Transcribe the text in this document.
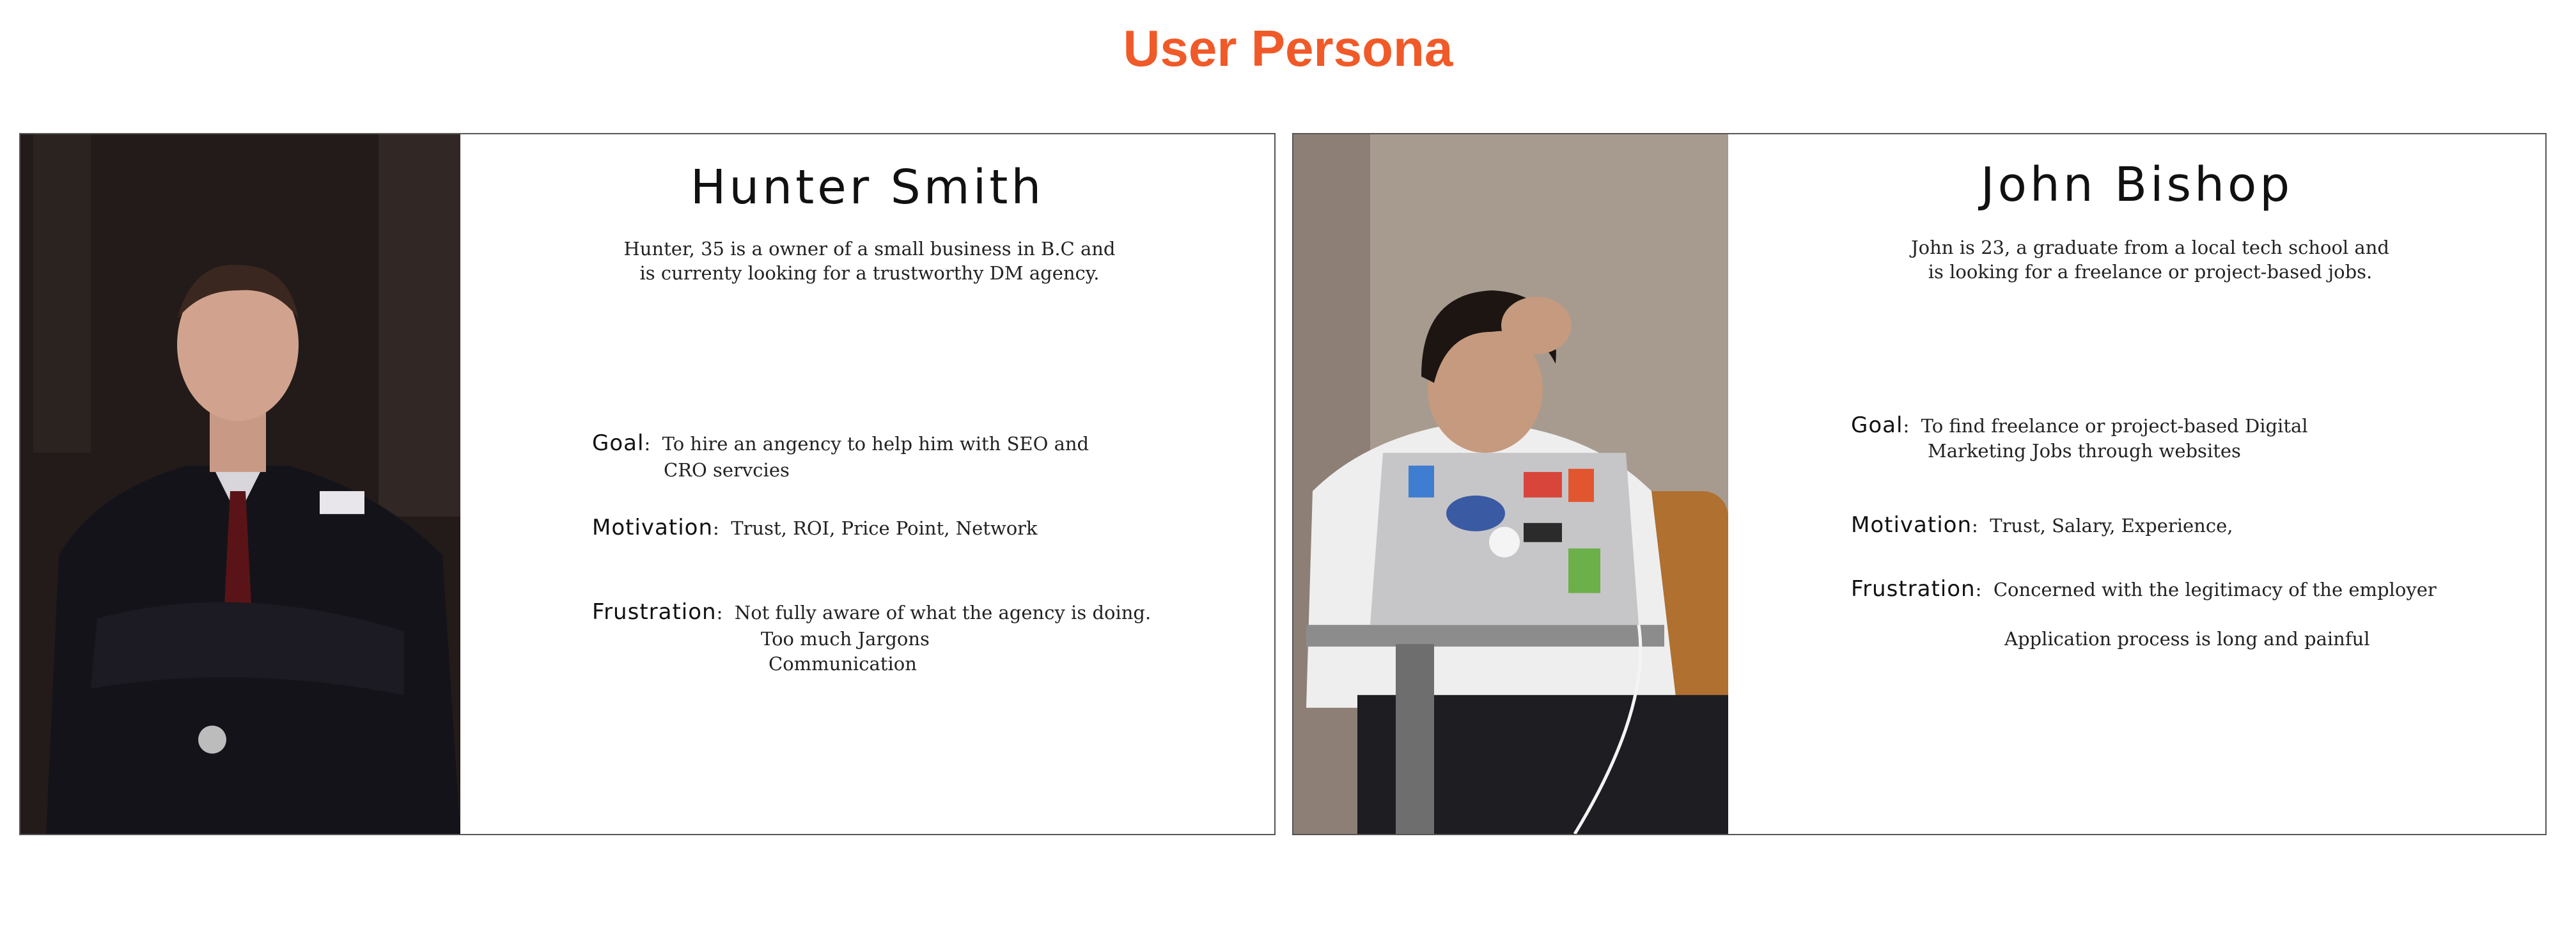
User Persona
Hunter Smith
Hunter, 35 is a owner of a small business in B.C and is currenty looking for a trustworthy DM agency.
Goal:  To hire an angency to help him with SEO and
CRO servcies
Motivation:  Trust, ROI, Price Point, Network
Frustration:  Not fully aware of what the agency is doing.
Too much Jargons
Communication
John Bishop
John is 23, a graduate from a local tech school and is looking for a freelance or project-based jobs.
Goal:  To find freelance or project-based Digital
Marketing Jobs through websites
Motivation:  Trust, Salary, Experience,
Frustration:  Concerned with the legitimacy of the employer
Application process is long and painful
